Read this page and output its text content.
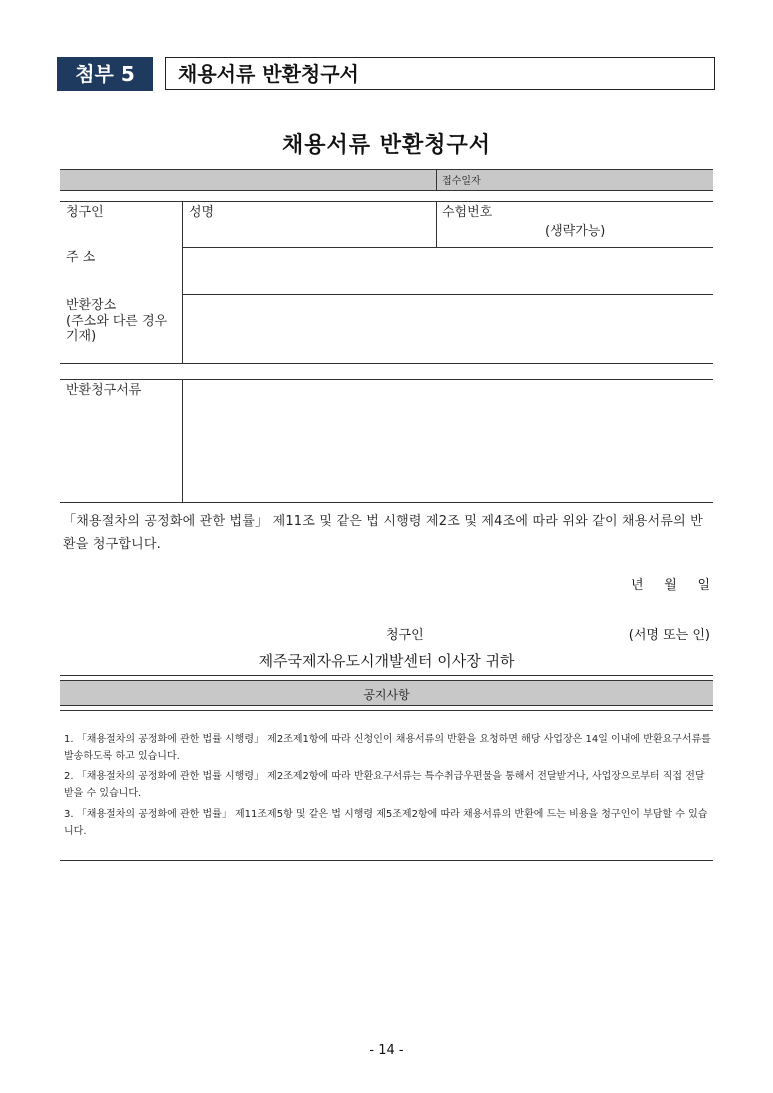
첨부 5	채용서류 반환청구서
채용서류 반환청구서
접수일자
청구인	성명	수험번호
(생략가능)
주 소
반환장소
(주소와 다른 경우
기재)
반환청구서류
「채용절차의 공정화에 관한 법률」 제11조 및 같은 법 시행령 제2조 및 제4조에 따라 위와 같이 채용서류의 반환을 청구합니다.
년     월     일
청구인	(서명 또는 인)
제주국제자유도시개발센터 이사장 귀하
공지사항
1. 「채용절차의 공정화에 관한 법률 시행령」 제2조제1항에 따라 신청인이 채용서류의 반환을 요청하면 해당 사업장은 14일 이내에 반환요구서류를 발송하도록 하고 있습니다.
2. 「채용절차의 공정화에 관한 법률 시행령」 제2조제2항에 따라 반환요구서류는 특수취급우편물을 통해서 전달받거나, 사업장으로부터 직접 전달받을 수 있습니다.
3. 「채용절차의 공정화에 관한 법률」 제11조제5항 및 같은 법 시행령 제5조제2항에 따라 채용서류의 반환에 드는 비용을 청구인이 부담할 수 있습니다.
- 14 -
